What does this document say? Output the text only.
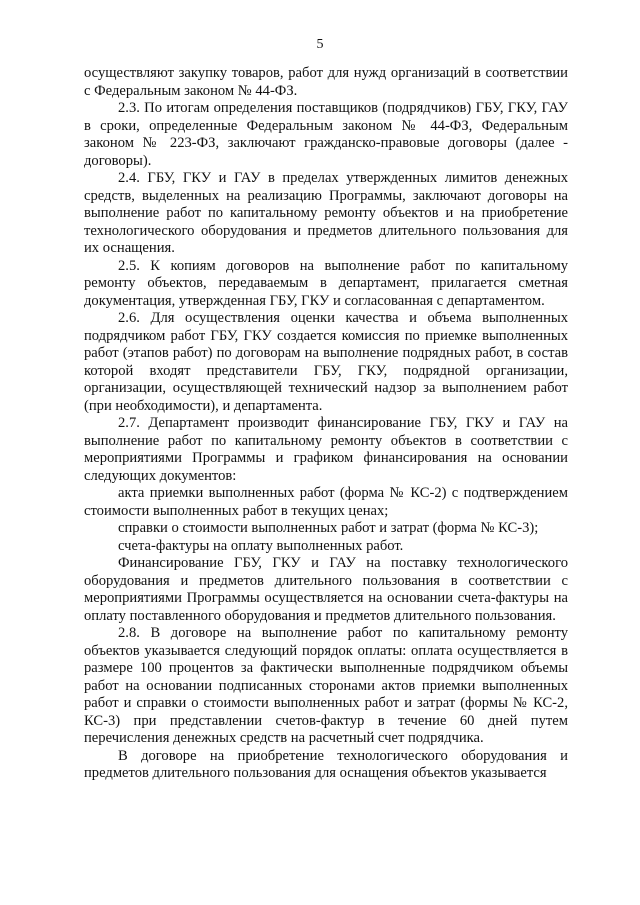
5

осуществляют закупку товаров, работ для нужд организаций в соответствии с Федеральным законом № 44-ФЗ.

2.3. По итогам определения поставщиков (подрядчиков) ГБУ, ГКУ, ГАУ в сроки, определенные Федеральным законом № 44-ФЗ, Федеральным законом № 223-ФЗ, заключают гражданско-правовые договоры (далее - договоры).

2.4. ГБУ, ГКУ и ГАУ в пределах утвержденных лимитов денежных средств, выделенных на реализацию Программы, заключают договоры на выполнение работ по капитальному ремонту объектов и на приобретение технологического оборудования и предметов длительного пользования для их оснащения.

2.5. К копиям договоров на выполнение работ по капитальному ремонту объектов, передаваемым в департамент, прилагается сметная документация, утвержденная ГБУ, ГКУ и согласованная с департаментом.

2.6. Для осуществления оценки качества и объема выполненных подрядчиком работ ГБУ, ГКУ создается комиссия по приемке выполненных работ (этапов работ) по договорам на выполнение подрядных работ, в состав которой входят представители ГБУ, ГКУ, подрядной организации, организации, осуществляющей технический надзор за выполнением работ (при необходимости), и департамента.

2.7. Департамент производит финансирование ГБУ, ГКУ и ГАУ на выполнение работ по капитальному ремонту объектов в соответствии с мероприятиями Программы и графиком финансирования на основании следующих документов:

акта приемки выполненных работ (форма № КС-2) с подтверждением стоимости выполненных работ в текущих ценах;

справки о стоимости выполненных работ и затрат (форма № КС-3);

счета-фактуры на оплату выполненных работ.

Финансирование ГБУ, ГКУ и ГАУ на поставку технологического оборудования и предметов длительного пользования в соответствии с мероприятиями Программы осуществляется на основании счета-фактуры на оплату поставленного оборудования и предметов длительного пользования.

2.8. В договоре на выполнение работ по капитальному ремонту объектов указывается следующий порядок оплаты: оплата осуществляется в размере 100 процентов за фактически выполненные подрядчиком объемы работ на основании подписанных сторонами актов приемки выполненных работ и справки о стоимости выполненных работ и затрат (формы № КС-2, КС-3) при представлении счетов-фактур в течение 60 дней путем перечисления денежных средств на расчетный счет подрядчика.

В договоре на приобретение технологического оборудования и предметов длительного пользования для оснащения объектов указывается
